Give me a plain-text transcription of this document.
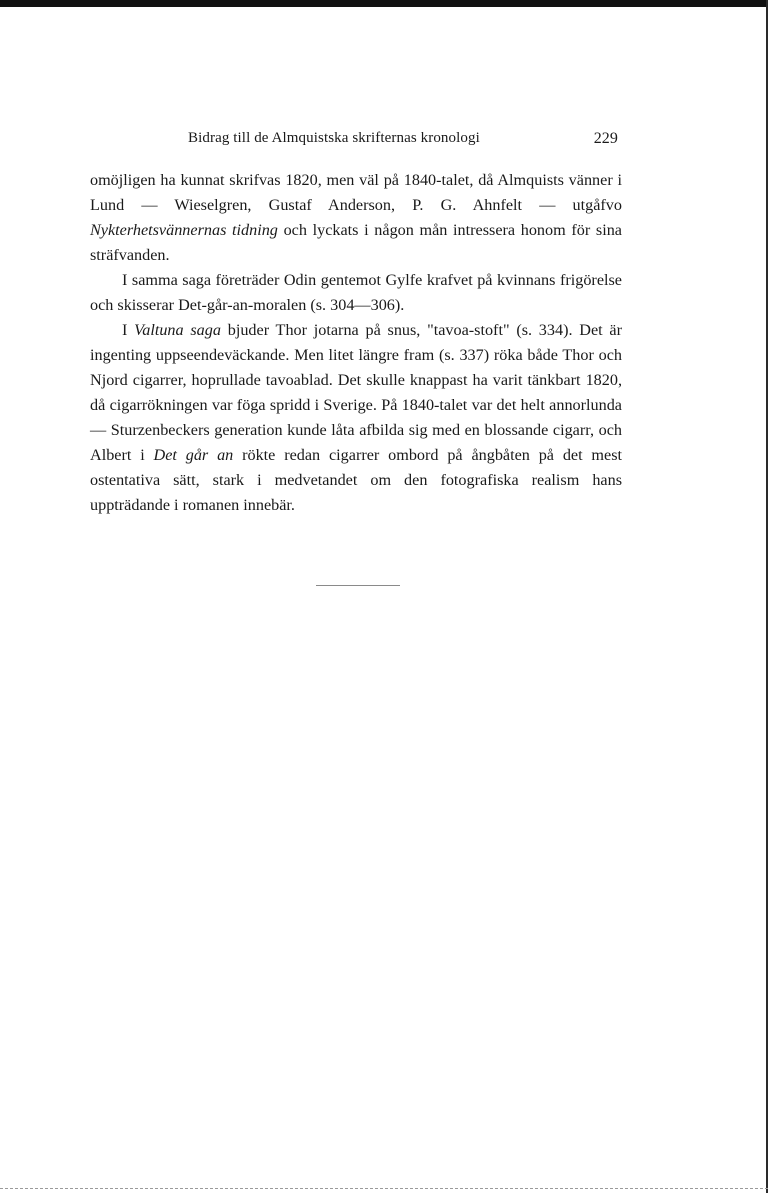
Bidrag till de Almquistska skrifternas kronologi	229

omöjligen ha kunnat skrifvas 1820, men väl på 1840-talet, då Almquists vänner i Lund — Wieselgren, Gustaf Anderson, P. G. Ahnfelt — utgåfvo Nykterhetsvännernas tidning och lyckats i någon mån intressera honom för sina sträfvanden.

I samma saga företräder Odin gentemot Gylfe krafvet på kvinnans frigörelse och skisserar Det-går-an-moralen (s. 304—306).

I Valtuna saga bjuder Thor jotarna på snus, "tavoa-stoft" (s. 334). Det är ingenting uppseendeväckande. Men litet längre fram (s. 337) röka både Thor och Njord cigarrer, hoprullade tavoablad. Det skulle knappast ha varit tänkbart 1820, då cigarrökningen var föga spridd i Sverige. På 1840-talet var det helt annorlunda — Sturzenbeckers generation kunde låta afbilda sig med en blossande cigarr, och Albert i Det går an rökte redan cigarrer ombord på ångbåten på det mest ostentativa sätt, stark i medvetandet om den fotografiska realism hans uppträdande i romanen innebär.
